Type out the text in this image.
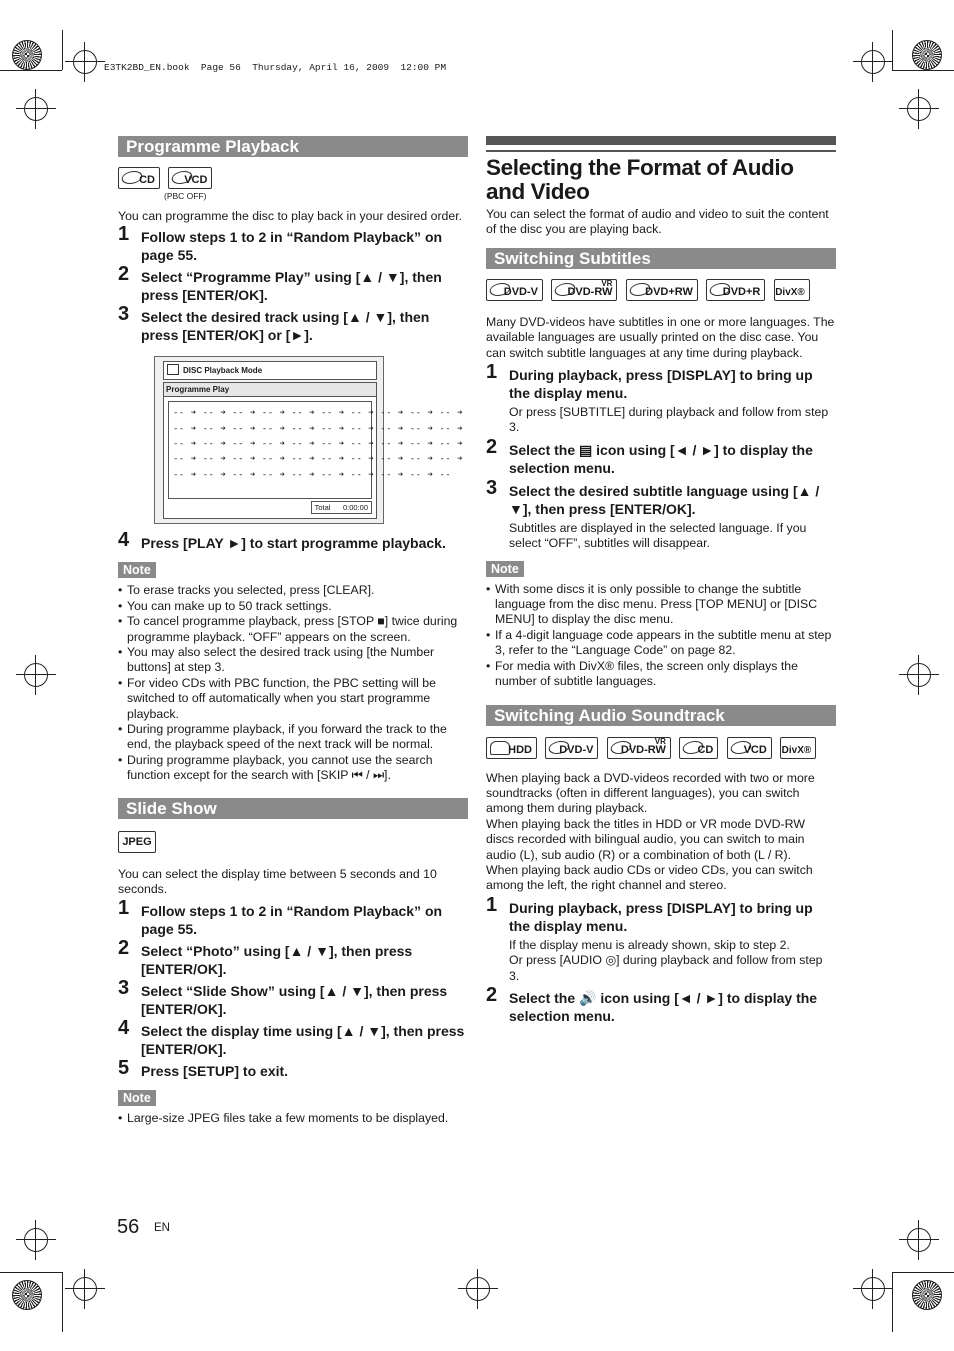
E3TK2BD_EN.book  Page 56  Thursday, April 16, 2009  12:00 PM
Programme Playback
CD
	VCD
(PBC OFF)
You can programme the disc to play back in your desired order.
1 Follow steps 1 to 2 in “Random Playback” on page 55.
2 Select “Programme Play” using [▲ / ▼], then press [ENTER/OK].
3 Select the desired track using [▲ / ▼], then press [ENTER/OK] or [►].
DISC Playback Mode
Programme Play
-- ➔ -- ➔ -- ➔ -- ➔ -- ➔ -- ➔ -- ➔ -- ➔ -- ➔ -- ➔
-- ➔ -- ➔ -- ➔ -- ➔ -- ➔ -- ➔ -- ➔ -- ➔ -- ➔ -- ➔
-- ➔ -- ➔ -- ➔ -- ➔ -- ➔ -- ➔ -- ➔ -- ➔ -- ➔ -- ➔
-- ➔ -- ➔ -- ➔ -- ➔ -- ➔ -- ➔ -- ➔ -- ➔ -- ➔ -- ➔
-- ➔ -- ➔ -- ➔ -- ➔ -- ➔ -- ➔ -- ➔ -- ➔ -- ➔ --
Total 0:00:00
4 Press [PLAY ►] to start programme playback.
Note
• To erase tracks you selected, press [CLEAR].
• You can make up to 50 track settings.
• To cancel programme playback, press [STOP ■] twice during programme playback. “OFF” appears on the screen.
• You may also select the desired track using [the Number buttons] at step 3.
• For video CDs with PBC function, the PBC setting will be switched to off automatically when you start programme playback.
• During programme playback, if you forward the track to the end, the playback speed of the next track will be normal.
• During programme playback, you cannot use the search function except for the search with [SKIP ⏮ / ⏭].
Slide Show
JPEG
You can select the display time between 5 seconds and 10 seconds.
1 Follow steps 1 to 2 in “Random Playback” on page 55.
2 Select “Photo” using [▲ / ▼], then press [ENTER/OK].
3 Select “Slide Show” using [▲ / ▼], then press [ENTER/OK].
4 Select the display time using [▲ / ▼], then press [ENTER/OK].
5 Press [SETUP] to exit.
Note
• Large-size JPEG files take a few moments to be displayed.
Selecting the Format of Audio and Video
You can select the format of audio and video to suit the content of the disc you are playing back.
Switching Subtitles
DVD-V

VR
DVD-RW
	DVD+RW
	DVD+R
DivX®
Many DVD-videos have subtitles in one or more languages. The available languages are usually printed on the disc case. You can switch subtitle languages at any time during playback.
1 During playback, press [DISPLAY] to bring up the display menu.
Or press [SUBTITLE] during playback and follow from step 3.
2 Select the ▤ icon using [◄ / ►] to display the selection menu.
3 Select the desired subtitle language using [▲ / ▼], then press [ENTER/OK].
Subtitles are displayed in the selected language. If you select “OFF”, subtitles will disappear.
Note
• With some discs it is only possible to change the subtitle language from the disc menu. Press [TOP MENU] or [DISC MENU] to display the disc menu.
• If a 4-digit language code appears in the subtitle menu at step 3, refer to the “Language Code” on page 82.
• For media with DivX® files, the screen only displays the number of subtitle languages.
Switching Audio Soundtrack
HDD
DVD-V

VR
DVD-RW
	CD
	VCD
DivX®
When playing back a DVD-videos recorded with two or more soundtracks (often in different languages), you can switch among them during playback.
When playing back the titles in HDD or VR mode DVD-RW discs recorded with bilingual audio, you can switch to main audio (L), sub audio (R) or a combination of both (L / R).
When playing back audio CDs or video CDs, you can switch among the left, the right channel and stereo.
1 During playback, press [DISPLAY] to bring up the display menu.
If the display menu is already shown, skip to step 2.
Or press [AUDIO ◎] during playback and follow from step 3.
2 Select the 🔊 icon using [◄ / ►] to display the selection menu.
56 EN
